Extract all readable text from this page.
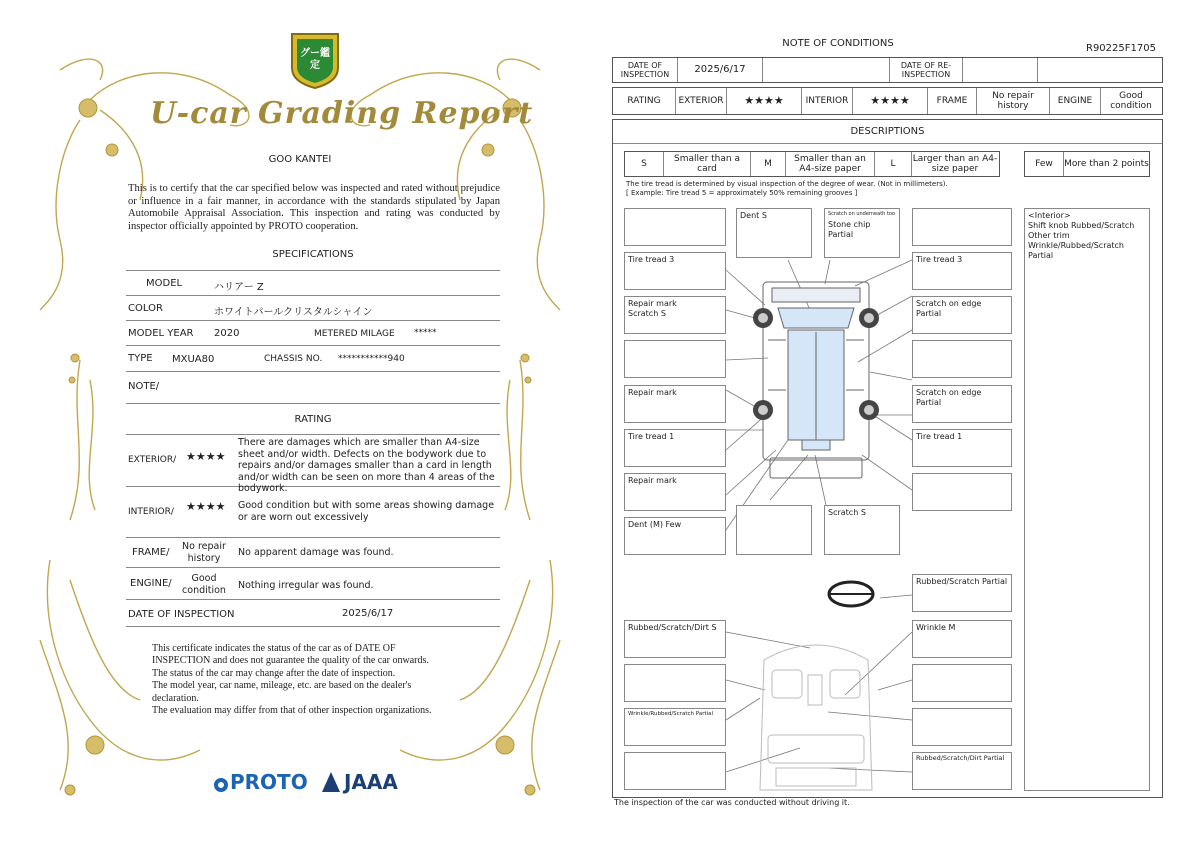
グー鑑定
U-car Grading Report
GOO KANTEI
This is to certify that the car specified below was inspected and rated without prejudice or influence in a fair manner, in accordance with the standards stipulated by Japan Automobile Appraisal Association. This inspection and rating was conducted by inspector officially appointed by PROTO cooperation.
SPECIFICATIONS
MODEL	ハリアー Z
COLOR	ホワイトパールクリスタルシャイン
MODEL YEAR 2020	METERED MILAGE *****
TYPE MXUA80	CHASSIS NO. ***********940
NOTE/
RATING
EXTERIOR/ ★★★★
There are damages which are smaller than A4-size sheet and/or width. Defects on the bodywork due to repairs and/or damages smaller than a card in length and/or width can be seen on more than 4 areas of the bodywork.
INTERIOR/ ★★★★ Good condition but with some areas showing damage or are worn out excessively
FRAME/
No repair history	No apparent damage was found.
ENGINE/	Good condition	Nothing irregular was found.
DATE OF INSPECTION	2025/6/17
This certificate indicates the status of the car as of DATE OF
INSPECTION and does not guarantee the quality of the car onwards.
The status of the car may change after the date of inspection.
The model year, car name, mileage, etc. are based on the dealer's
declaration.
The evaluation may differ from that of other inspection organizations.
PROTO	JAAA
NOTE OF CONDITIONS	R90225F1705
DATE OF INSPECTION	2025/6/17	DATE OF RE-INSPECTION
RATING	EXTERIOR	★★★★	INTERIOR	★★★★	FRAME	No repair history	ENGINE	Good condition
DESCRIPTIONS
S	Smaller than a card	M	Smaller than an A4-size paper	L	Larger than an A4-size paper	Few	More than 2 points
The tire tread is determined by visual inspection of the degree of wear. (Not in millimeters).
[ Example: Tire tread 5 = approximately 50% remaining grooves ]
Tire tread 3
Repair mark
Scratch S
Repair mark
Tire tread 1
Repair mark
Dent (M) Few
Dent S	Scratch on underneath too
Stone chip Partial
Tire tread 3
Scratch on edge Partial
Scratch on edge Partial
Tire tread 1
Scratch S
Rubbed/Scratch Partial
Rubbed/Scratch/Dirt S
Wrinkle/Rubbed/Scratch Partial
Wrinkle M
Rubbed/Scratch/Dirt Partial
<Interior>
Shift knob Rubbed/Scratch
Other trim
Wrinkle/Rubbed/Scratch
Partial
The inspection of the car was conducted without driving it.
